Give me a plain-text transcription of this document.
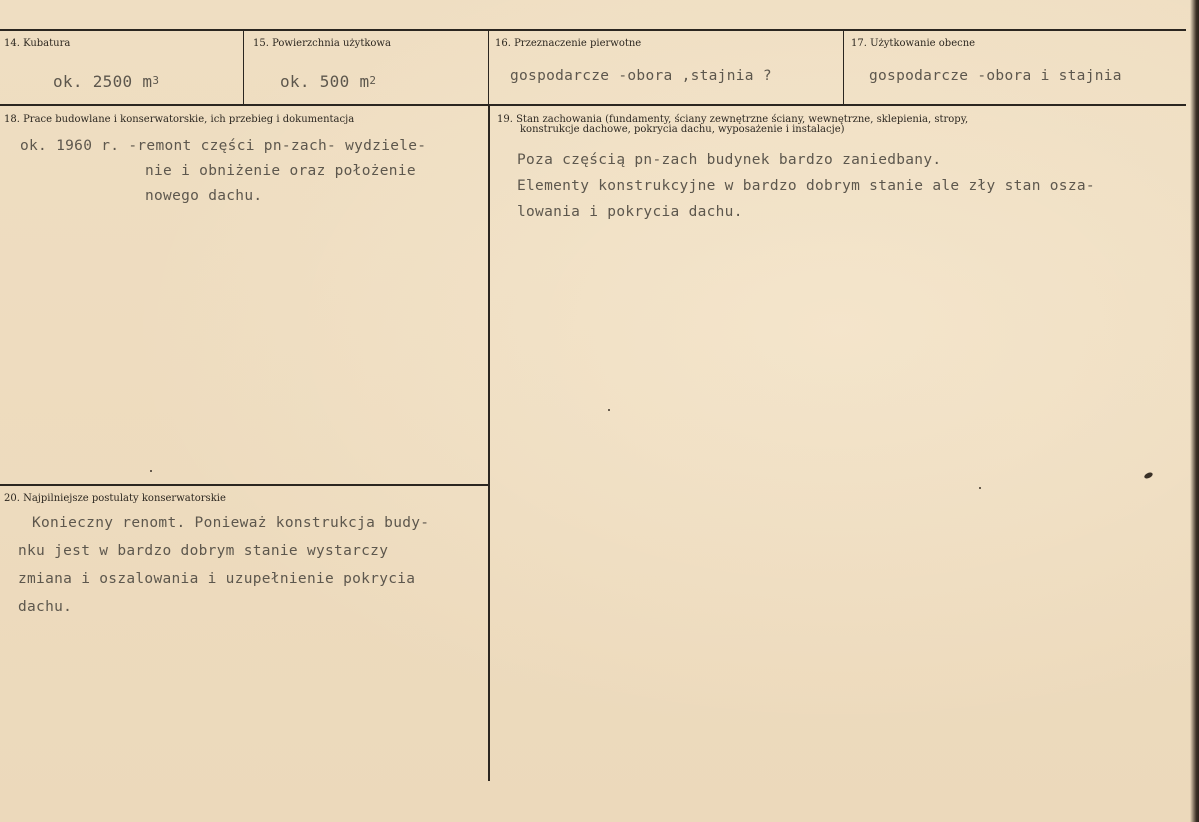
14. Kubatura
ok. 2500 $m^3$
15. Powierzchnia użytkowa
ok. 500 $m^2$
16. Przeznaczenie pierwotne
gospodarcze -obora ,stajnia ?
17. Użytkowanie obecne
gospodarcze -obora i stajnia
18. Prace budowlane i konserwatorskie, ich przebieg i dokumentacja
ok. 1960 r. -remont części pn-zach- wydziele-
nie i obniżenie oraz położenie
nowego dachu.
19. Stan zachowania (fundamenty, ściany zewnętrzne ściany, wewnętrzne, sklepienia, stropy,
konstrukcje dachowe, pokrycia dachu, wyposażenie i instalacje)
Poza częścią pn-zach budynek bardzo zaniedbany.
Elementy konstrukcyjne w bardzo dobrym stanie ale zły stan osza-
lowania i pokrycia dachu.
20. Najpilniejsze postulaty konserwatorskie
Konieczny renomt. Ponieważ konstrukcja budy-
nku jest w bardzo dobrym stanie wystarczy
zmiana i oszalowania i uzupełnienie pokrycia
dachu.
